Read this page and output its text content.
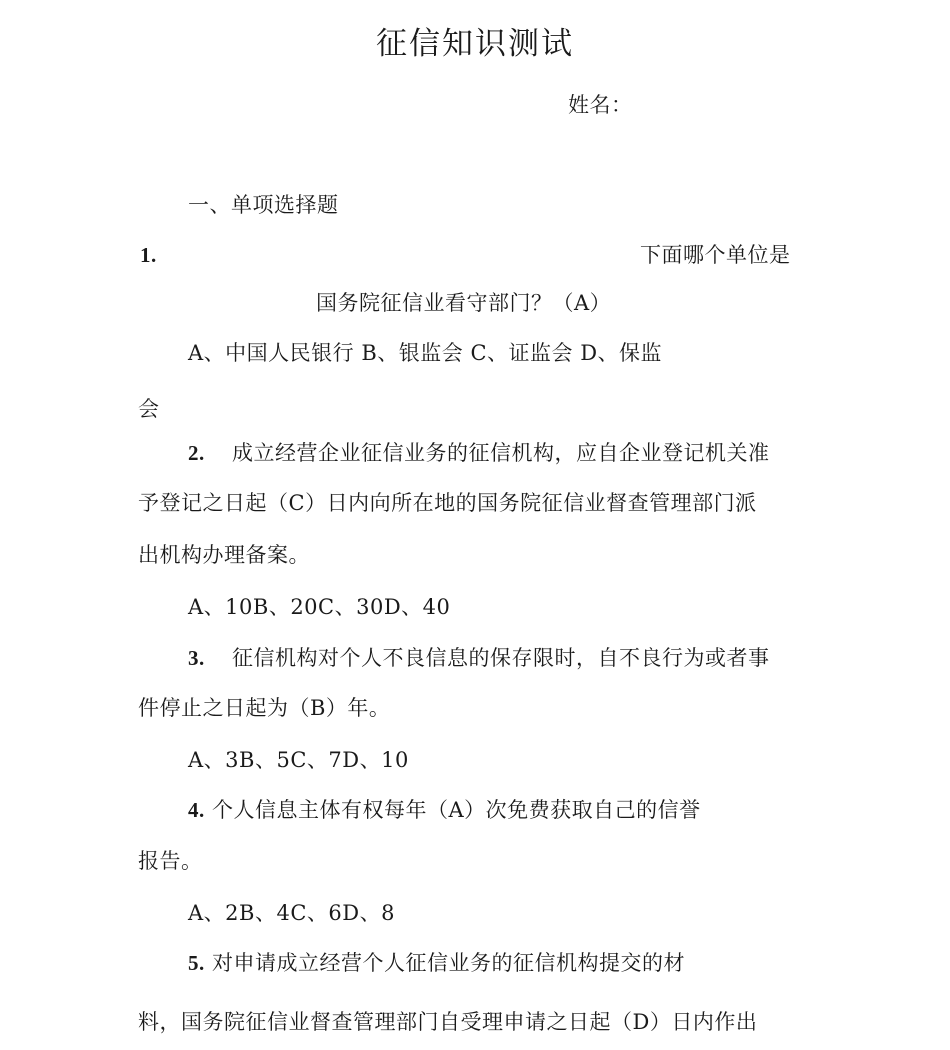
征信知识测试
姓名：
一、单项选择题
1.	下面哪个单位是
国务院征信业看守部门？（A）
A、中国人民银行 B、银监会 C、证监会 D、保监
会
2. 成立经营企业征信业务的征信机构，应自企业登记机关准
予登记之日起（C）日内向所在地的国务院征信业督查管理部门派
出机构办理备案。
A、10B、20C、30D、40
3. 征信机构对个人不良信息的保存限时，自不良行为或者事
件停止之日起为（B）年。
A、3B、5C、7D、10
4. 个人信息主体有权每年（A）次免费获取自己的信誉
报告。
A、2B、4C、6D、8
5. 对申请成立经营个人征信业务的征信机构提交的材
料，国务院征信业督查管理部门自受理申请之日起（D）日内作出
